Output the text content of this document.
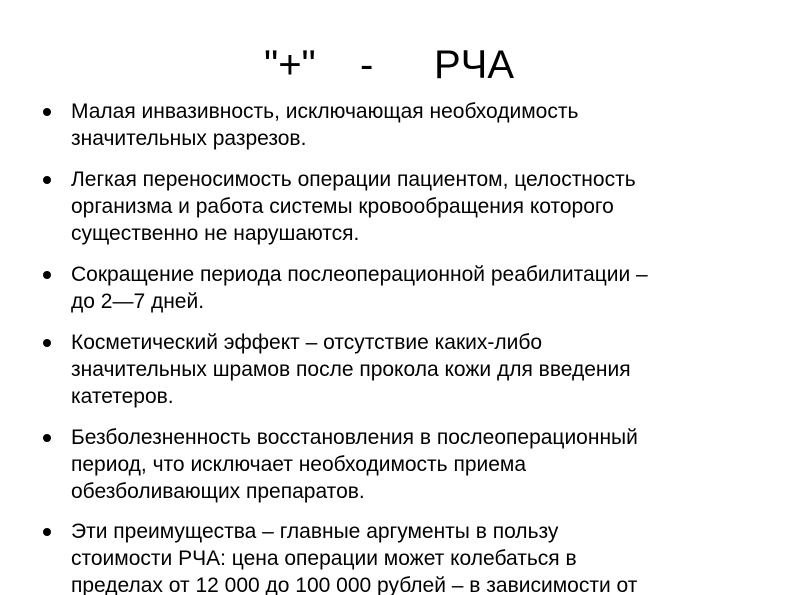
"+" - РЧА
Малая инвазивность, исключающая необходимость
значительных разрезов.
Легкая переносимость операции пациентом, целостность
организма и работа системы кровообращения которого
существенно не нарушаются.
Сокращение периода послеоперационной реабилитации –
до 2—7 дней.
Косметический эффект – отсутствие каких-либо
значительных шрамов после прокола кожи для введения
катетеров.
Безболезненность восстановления в послеоперационный
период, что исключает необходимость приема
обезболивающих препаратов.
Эти преимущества – главные аргументы в пользу
стоимости РЧА: цена операции может колебаться в
пределах от 12 000 до 100 000 рублей – в зависимости от
